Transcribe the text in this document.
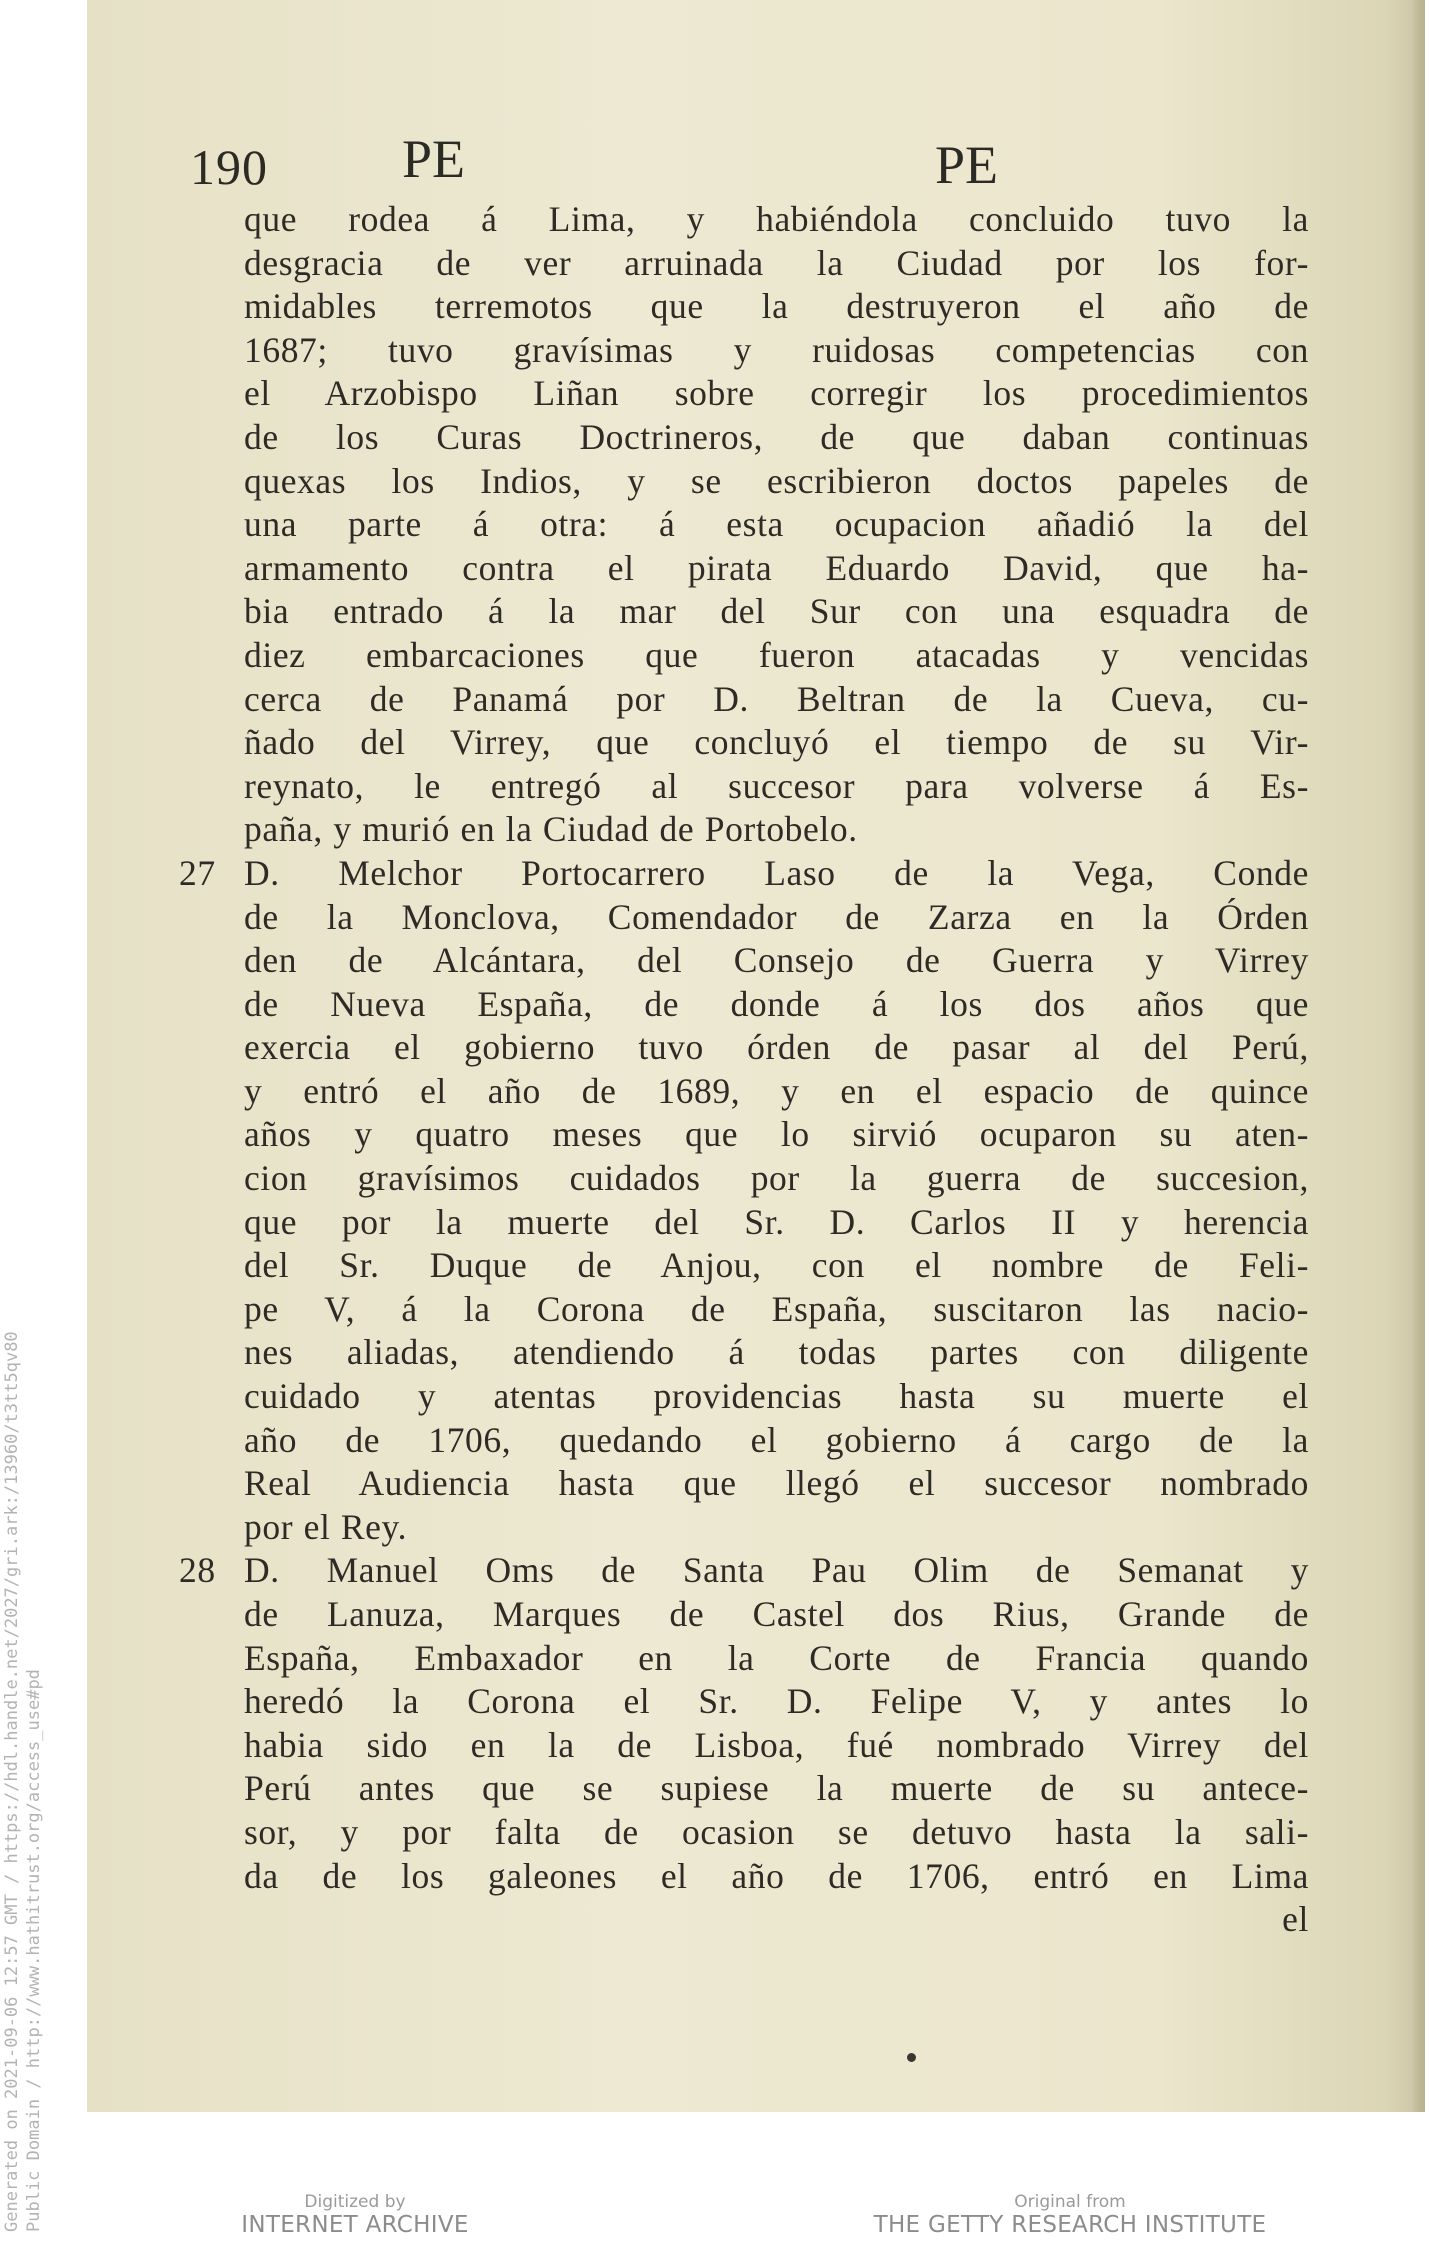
Generated on 2021-09-06 12:57 GMT / https://hdl.handle.net/2027/gri.ark:/13960/t3tt5qv80 Public Domain / http://www.hathitrust.org/access_use#pd
190 PE	PE
que rodea á Lima, y habiéndola concluido tuvo la
desgracia de ver arruinada la Ciudad por los for-
midables terremotos que la destruyeron el año de
1687; tuvo gravísimas y ruidosas competencias con
el Arzobispo Liñan sobre corregir los procedimientos
de los Curas Doctrineros, de que daban continuas
quexas los Indios, y se escribieron doctos papeles de
una parte á otra: á esta ocupacion añadió la del
armamento contra el pirata Eduardo David, que ha-
bia entrado á la mar del Sur con una esquadra de
diez embarcaciones que fueron atacadas y vencidas
cerca de Panamá por D. Beltran de la Cueva, cu-
ñado del Virrey, que concluyó el tiempo de su Vir-
reynato, le entregó al succesor para volverse á Es-
paña, y murió en la Ciudad de Portobelo.
27 D. Melchor Portocarrero Laso de la Vega, Conde
de la Monclova, Comendador de Zarza en la Órden
den de Alcántara, del Consejo de Guerra y Virrey
de Nueva España, de donde á los dos años que
exercia el gobierno tuvo órden de pasar al del Perú,
y entró el año de 1689, y en el espacio de quince
años y quatro meses que lo sirvió ocuparon su aten-
cion gravísimos cuidados por la guerra de succesion,
que por la muerte del Sr. D. Carlos II y herencia
del Sr. Duque de Anjou, con el nombre de Feli-
pe V, á la Corona de España, suscitaron las nacio-
nes aliadas, atendiendo á todas partes con diligente
cuidado y atentas providencias hasta su muerte el
año de 1706, quedando el gobierno á cargo de la
Real Audiencia hasta que llegó el succesor nombrado
por el Rey.
28 D. Manuel Oms de Santa Pau Olim de Semanat y
de Lanuza, Marques de Castel dos Rius, Grande de
España, Embaxador en la Corte de Francia quando
heredó la Corona el Sr. D. Felipe V, y antes lo
habia sido en la de Lisboa, fué nombrado Virrey del
Perú antes que se supiese la muerte de su antece-
sor, y por falta de ocasion se detuvo hasta la sali-
da de los galeones el año de 1706, entró en Lima
el
Digitized by
INTERNET ARCHIVE
Original from
THE GETTY RESEARCH INSTITUTE
